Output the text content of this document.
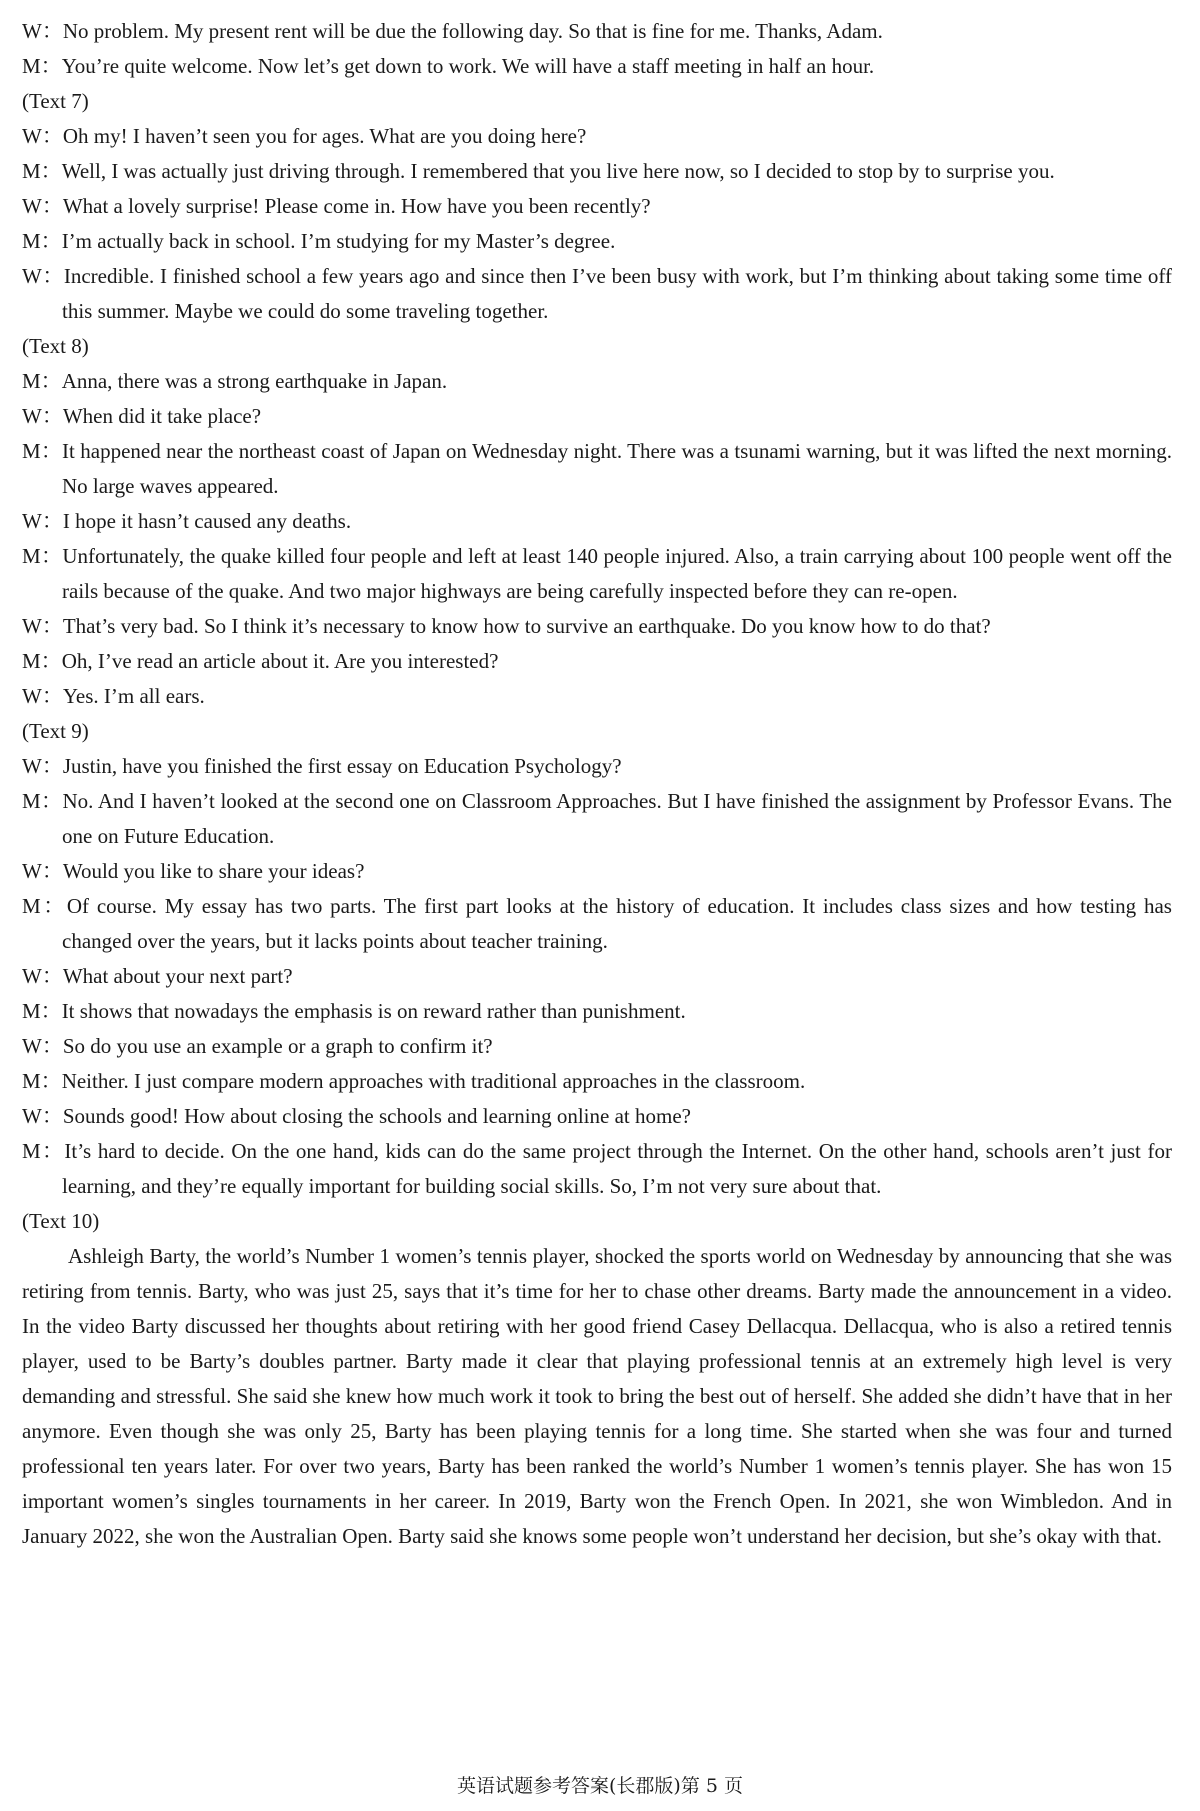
W：No problem. My present rent will be due the following day. So that is fine for me. Thanks, Adam.

M：You’re quite welcome. Now let’s get down to work. We will have a staff meeting in half an hour.

(Text 7)

W：Oh my! I haven’t seen you for ages. What are you doing here?

M：Well, I was actually just driving through. I remembered that you live here now, so I decided to stop by to surprise you.

W：What a lovely surprise! Please come in. How have you been recently?

M：I’m actually back in school. I’m studying for my Master’s degree.

W：Incredible. I finished school a few years ago and since then I’ve been busy with work, but I’m thinking about taking some time off this summer. Maybe we could do some traveling together.

(Text 8)

M：Anna, there was a strong earthquake in Japan.

W：When did it take place?

M：It happened near the northeast coast of Japan on Wednesday night. There was a tsunami warning, but it was lifted the next morning. No large waves appeared.

W：I hope it hasn’t caused any deaths.

M：Unfortunately, the quake killed four people and left at least 140 people injured. Also, a train carrying about 100 people went off the rails because of the quake. And two major highways are being carefully inspected before they can re-open.

W：That’s very bad. So I think it’s necessary to know how to survive an earthquake. Do you know how to do that?

M：Oh, I’ve read an article about it. Are you interested?

W：Yes. I’m all ears.

(Text 9)

W：Justin, have you finished the first essay on Education Psychology?

M：No. And I haven’t looked at the second one on Classroom Approaches. But I have finished the assignment by Professor Evans. The one on Future Education.

W：Would you like to share your ideas?

M：Of course. My essay has two parts. The first part looks at the history of education. It includes class sizes and how testing has changed over the years, but it lacks points about teacher training.

W：What about your next part?

M：It shows that nowadays the emphasis is on reward rather than punishment.

W：So do you use an example or a graph to confirm it?

M：Neither. I just compare modern approaches with traditional approaches in the classroom.

W：Sounds good! How about closing the schools and learning online at home?

M：It’s hard to decide. On the one hand, kids can do the same project through the Internet. On the other hand, schools aren’t just for learning, and they’re equally important for building social skills. So, I’m not very sure about that.

(Text 10)

Ashleigh Barty, the world’s Number 1 women’s tennis player, shocked the sports world on Wednesday by announcing that she was retiring from tennis. Barty, who was just 25, says that it’s time for her to chase other dreams. Barty made the announcement in a video. In the video Barty discussed her thoughts about retiring with her good friend Casey Dellacqua. Dellacqua, who is also a retired tennis player, used to be Barty’s doubles partner. Barty made it clear that playing professional tennis at an extremely high level is very demanding and stressful. She said she knew how much work it took to bring the best out of herself. She added she didn’t have that in her anymore. Even though she was only 25, Barty has been playing tennis for a long time. She started when she was four and turned professional ten years later. For over two years, Barty has been ranked the world’s Number 1 women’s tennis player. She has won 15 important women’s singles tournaments in her career. In 2019, Barty won the French Open. In 2021, she won Wimbledon. And in January 2022, she won the Australian Open. Barty said she knows some people won’t understand her decision, but she’s okay with that.

英语试题参考答案(长郡版)第 5 页
